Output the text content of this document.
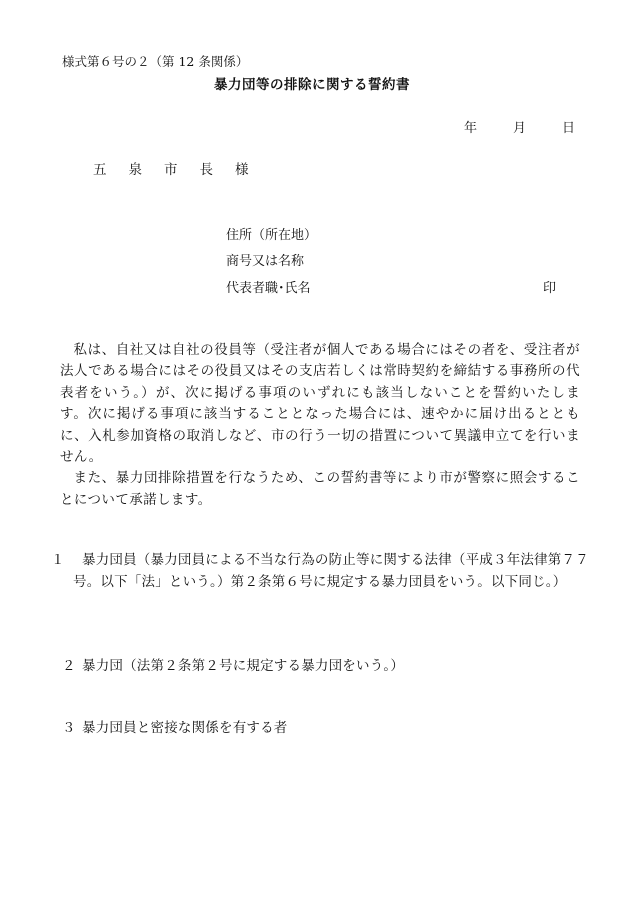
様式第６号の２（第 12 条関係）
暴力団等の排除に関する誓約書
年	月	日
五 泉 市 長 様
住所（所在地）
商号又は名称
代表者職･氏名	印

私は、自社又は自社の役員等（受注者が個人である場合にはその者を、受注者が法人である場合にはその役員又はその支店若しくは常時契約を締結する事務所の代表者をいう。）が、次に掲げる事項のいずれにも該当しないことを誓約いたします。次に掲げる事項に該当することとなった場合には、速やかに届け出るとともに、入札参加資格の取消しなど、市の行う一切の措置について異議申立てを行いません。

また、暴力団排除措置を行なうため、この誓約書等により市が警察に照会することについて承諾します。

１ 暴力団員（暴力団員による不当な行為の防止等に関する法律（平成３年法律第７７号。以下「法」という。）第２条第６号に規定する暴力団員をいう。以下同じ。）
２ 暴力団（法第２条第２号に規定する暴力団をいう。）
３ 暴力団員と密接な関係を有する者
